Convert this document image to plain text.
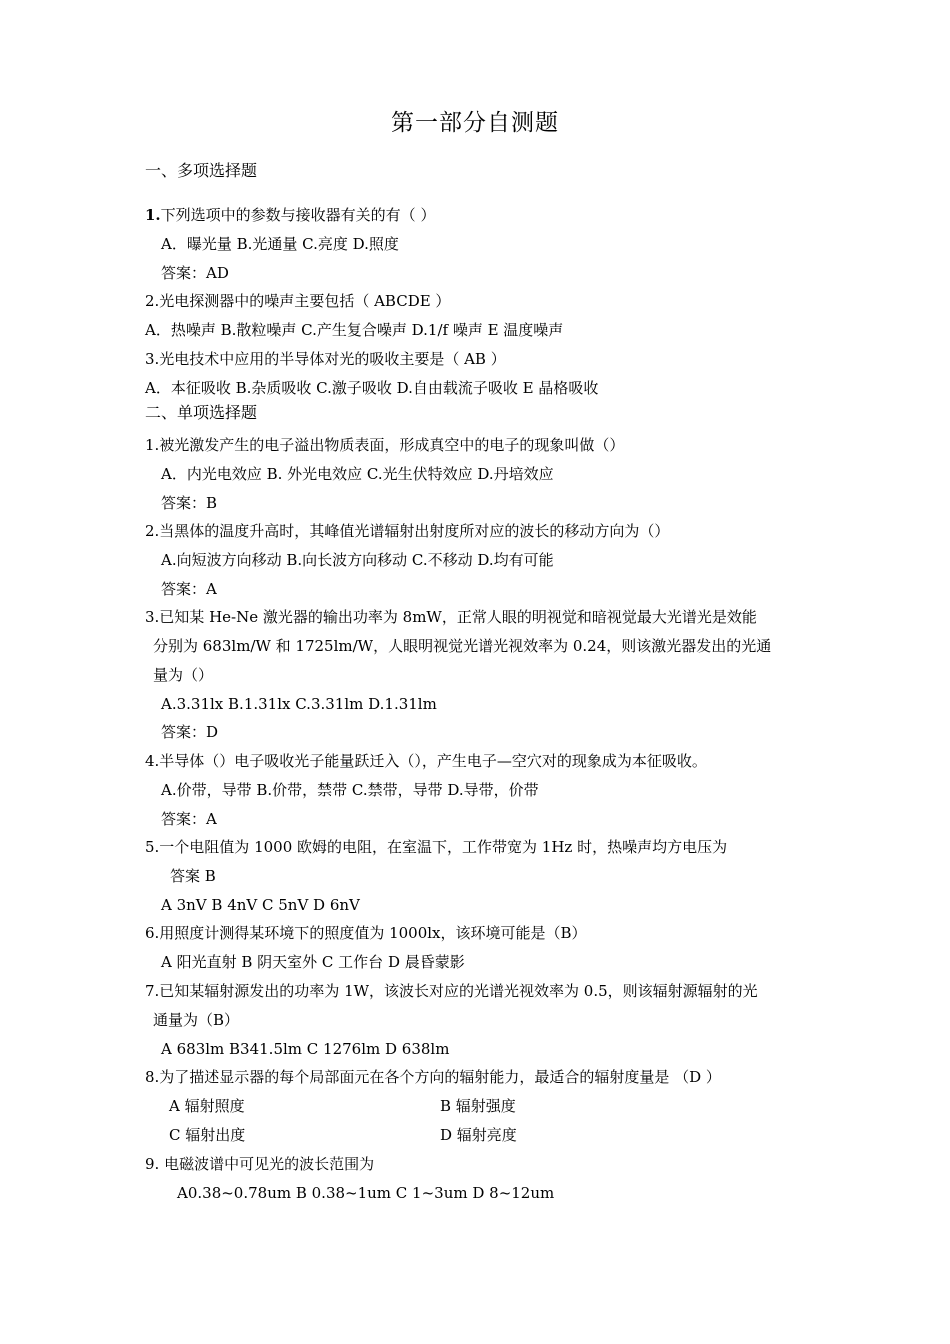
第一部分自测题
一、多项选择题
1.下列选项中的参数与接收器有关的有（ ）
A．曝光量 B.光通量 C.亮度 D.照度
答案：AD
2.光电探测器中的噪声主要包括（ ABCDE ）
A．热噪声 B.散粒噪声 C.产生复合噪声 D.1/f 噪声 E 温度噪声
3.光电技术中应用的半导体对光的吸收主要是（ AB ）
A．本征吸收 B.杂质吸收 C.激子吸收 D.自由载流子吸收 E 晶格吸收
二、单项选择题
1.被光激发产生的电子溢出物质表面，形成真空中的电子的现象叫做（）
A．内光电效应 B. 外光电效应 C.光生伏特效应 D.丹培效应
答案：B
2.当黑体的温度升高时，其峰值光谱辐射出射度所对应的波长的移动方向为（）
A.向短波方向移动 B.向长波方向移动 C.不移动 D.均有可能
答案：A
3.已知某 He-Ne 激光器的输出功率为 8mW，正常人眼的明视觉和暗视觉最大光谱光是效能
分别为 683lm/W 和 1725lm/W，人眼明视觉光谱光视效率为 0.24，则该激光器发出的光通
量为（）
A.3.31lx B.1.31lx C.3.31lm D.1.31lm
答案：D
4.半导体（）电子吸收光子能量跃迁入（），产生电子—空穴对的现象成为本征吸收。
A.价带，导带 B.价带，禁带 C.禁带，导带 D.导带，价带
答案：A
5.一个电阻值为 1000 欧姆的电阻，在室温下，工作带宽为 1Hz 时，热噪声均方电压为
答案 B
A 3nV B 4nV C 5nV D 6nV
6.用照度计测得某环境下的照度值为 1000lx，该环境可能是（B）
A 阳光直射 B 阴天室外 C 工作台 D 晨昏蒙影
7.已知某辐射源发出的功率为 1W，该波长对应的光谱光视效率为 0.5，则该辐射源辐射的光
通量为（B）
A 683lm B341.5lm C 1276lm D 638lm
8.为了描述显示器的每个局部面元在各个方向的辐射能力，最适合的辐射度量是 （D ）
A 辐射照度	B 辐射强度
C 辐射出度	D 辐射亮度
9. 电磁波谱中可见光的波长范围为
A0.38~0.78um B 0.38~1um C 1~3um D 8~12um
